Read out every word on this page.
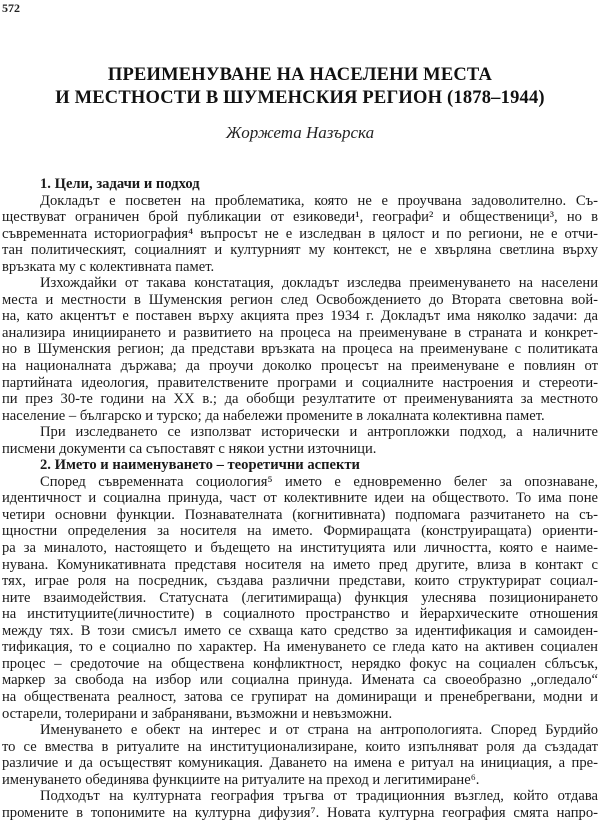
572
ПРЕИМЕНУВАНЕ НА НАСЕЛЕНИ МЕСТА
И МЕСТНОСТИ В ШУМЕНСКИЯ РЕГИОН (1878–1944)
Жоржета Назърска
1. Цели, задачи и подход
Докладът е посветен на проблематика, която не е проучвана задоволително. Съ-
ществуват ограничен брой публикации от езиковеди¹, географи² и общественици³, но в
съвременната историография⁴ въпросът не е изследван в цялост и по региони, не е отчи-
тан политическият, социалният и културният му контекст, не е хвърляна светлина върху
връзката му с колективната памет.
Изхождайки от такава констатация, докладът изследва преименуването на населени
места и местности в Шуменския регион след Освобождението до Втората световна вой-
на, като акцентът е поставен върху акцията през 1934 г. Докладът има няколко задачи: да
анализира инициирането и развитието на процеса на преименуване в страната и конкрет-
но в Шуменския регион; да представи връзката на процеса на преименуване с политиката
на националната държава; да проучи доколко процесът на преименуване е повлиян от
партийната идеология, правителствените програми и социалните настроения и стереоти-
пи през 30-те години на XX в.; да обобщи резултатите от преименуванията за местното
население – българско и турско; да набележи промените в локалната колективна памет.
При изследването се използват исторически и антропложки подход, а наличните
писмени документи са съпоставят с някои устни източници.
2. Името и наименуването – теоретични аспекти
Според съвременната социология⁵ името е едновременно белег за опознаване,
идентичност и социална принуда, част от колективните идеи на обществото. То има поне
четири основни функции. Познавателната (когнитивната) подпомага разчитането на съ-
щностни определения за носителя на името. Формиращата (конструиращата) ориенти-
ра за миналото, настоящето и бъдещето на институцията или личността, която е наиме-
нувана. Комуникативната представя носителя на името пред другите, влиза в контакт с
тях, играе роля на посредник, създава различни представи, които структурират социал-
ните взаимодействия. Статусната (легитимираща) функция улеснява позиционирането
на институциите(личностите) в социалното пространство и йерархическите отношения
между тях. В този смисъл името се схваща като средство за идентификация и самоиден-
тификация, то е социално по характер. На именуването се гледа като на активен социален
процес – средоточие на обществена конфликтност, нерядко фокус на социален сблъсък,
маркер за свобода на избор или социална принуда. Имената са своеобразно „огледало“
на обществената реалност, затова се групират на доминиращи и пренебрегвани, модни и
остарели, толерирани и забранявани, възможни и невъзможни.
Именуването е обект на интерес и от страна на антропологията. Според Бурдийо
то се вмества в ритуалите на институционализиране, които изпълняват роля да създадат
различие и да осъществят комуникация. Даването на имена е ритуал на инициация, а пре-
именуването обединява функциите на ритуалите на преход и легитимиране⁶.
Подходът на културната география тръгва от традиционния възглед, който отдава
промените в топонимите на културна дифузия⁷. Новата културна география смята напро-
